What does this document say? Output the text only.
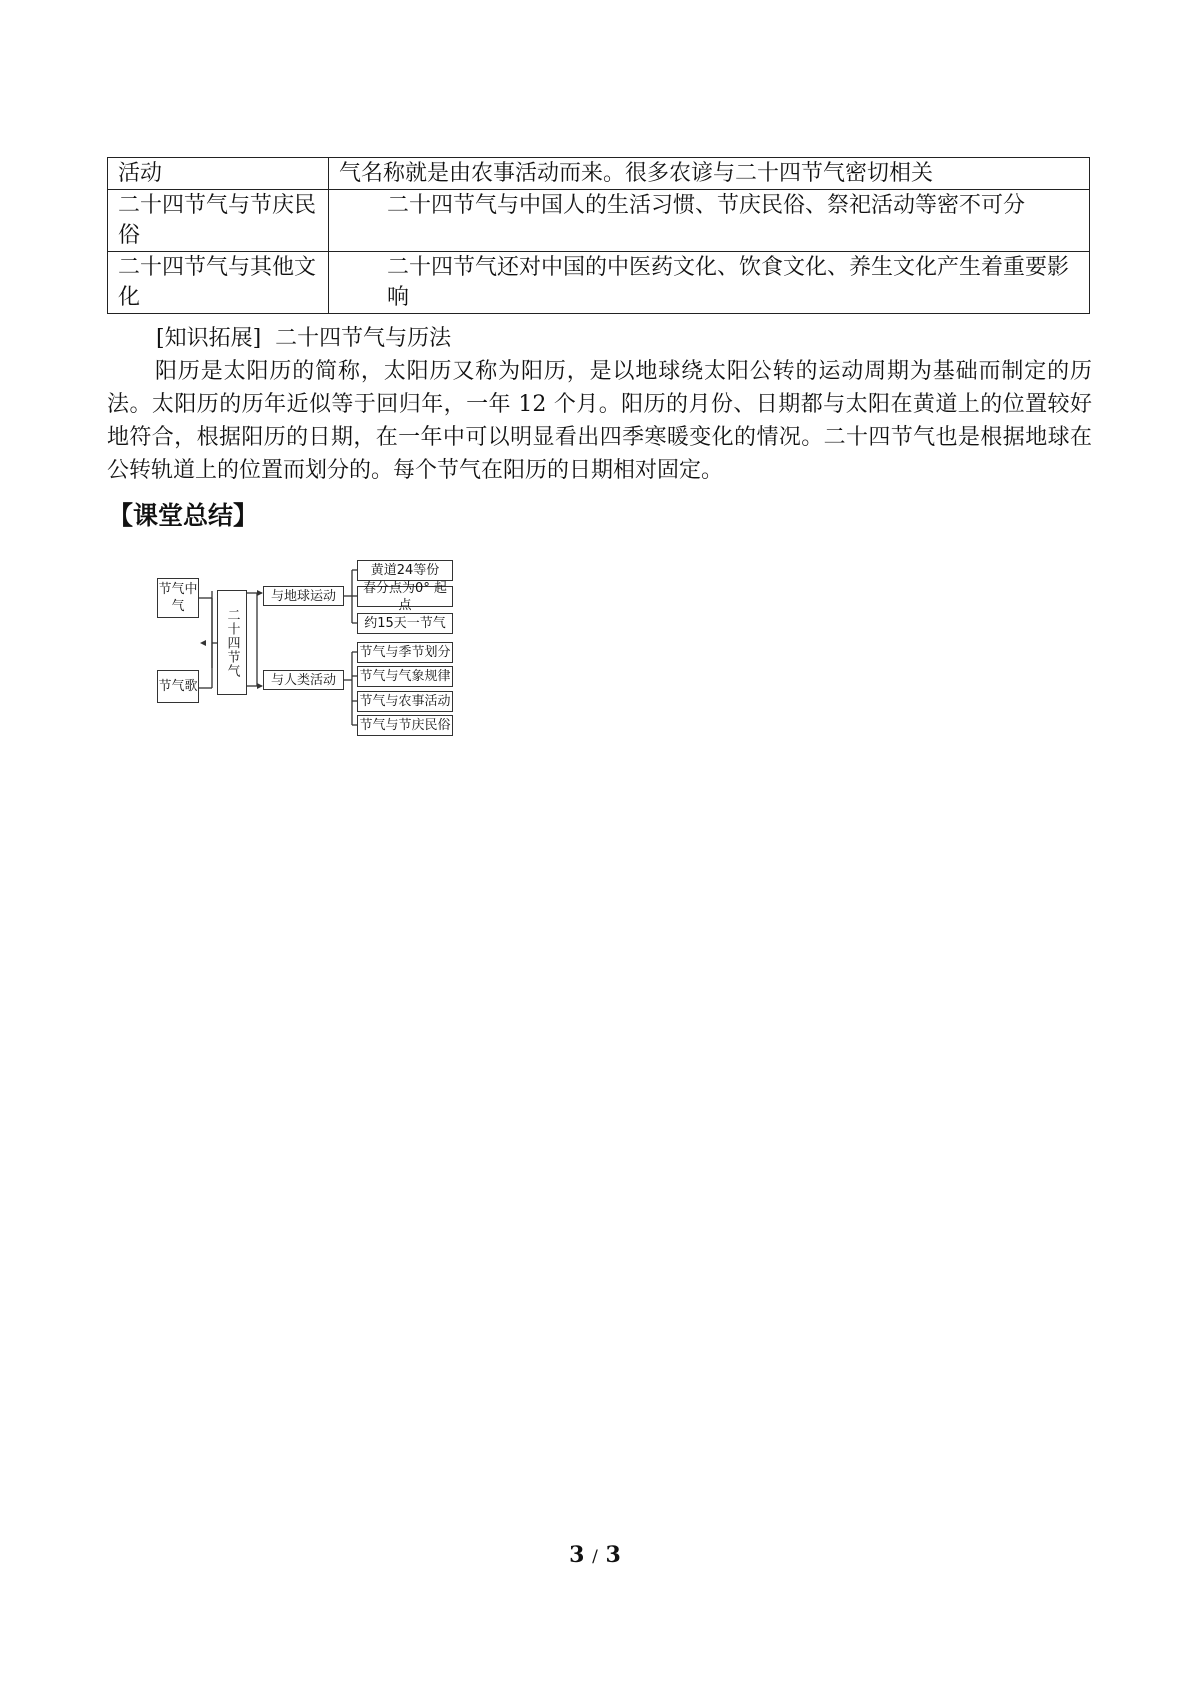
活动	气名称就是由农事活动而来。很多农谚与二十四节气密切相关
二十四节气与节庆民俗	二十四节气与中国人的生活习惯、节庆民俗、祭祀活动等密不可分
二十四节气与其他文化	二十四节气还对中国的中医药文化、饮食文化、养生文化产生着重要影响
[知识拓展] 二十四节气与历法
阳历是太阳历的简称，太阳历又称为阳历，是以地球绕太阳公转的运动周期为基础而制定的历法。太阳历的历年近似等于回归年，一年 12 个月。阳历的月份、日期都与太阳在黄道上的位置较好地符合，根据阳历的日期，在一年中可以明显看出四季寒暖变化的情况。二十四节气也是根据地球在公转轨道上的位置而划分的。每个节气在阳历的日期相对固定。
【课堂总结】
节气中气
节气歌
二十四节气
与地球运动
与人类活动
黄道24等份
春分点为0° 起点
约15天一节气
节气与季节划分
节气与气象规律
节气与农事活动
节气与节庆民俗
3 / 3
